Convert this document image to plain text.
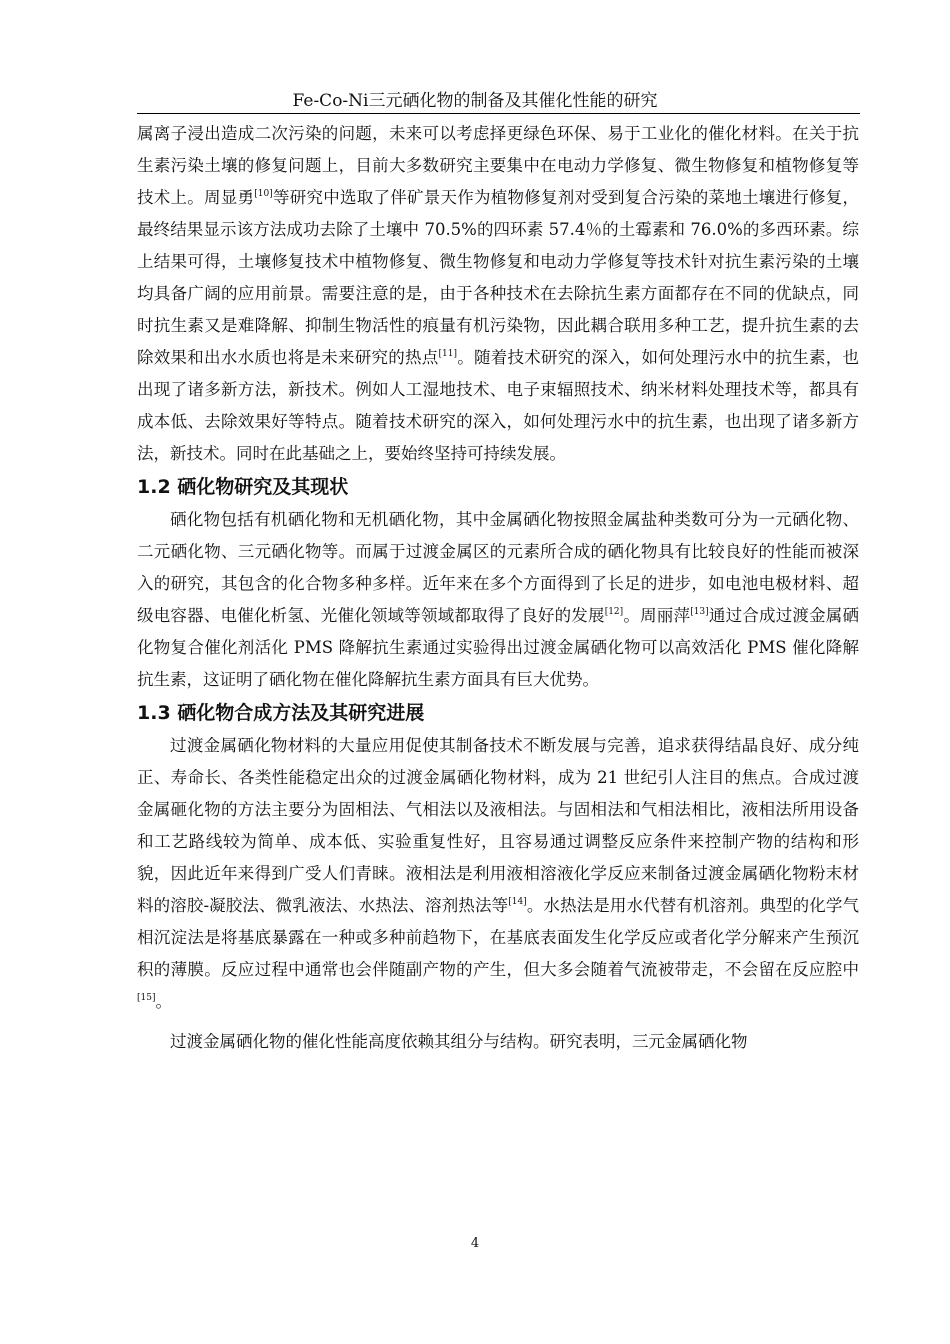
Fe-Co-Ni三元硒化物的制备及其催化性能的研究

属离子浸出造成二次污染的问题，未来可以考虑择更绿色环保、易于工业化的催化材料。在关于抗生素污染土壤的修复问题上，目前大多数研究主要集中在电动力学修复、微生物修复和植物修复等技术上。周显勇[10]等研究中选取了伴矿景天作为植物修复剂对受到复合污染的菜地土壤进行修复，最终结果显示该方法成功去除了土壤中 70.5%的四环素 57.4％的土霉素和 76.0%的多西环素。综上结果可得，土壤修复技术中植物修复、微生物修复和电动力学修复等技术针对抗生素污染的土壤均具备广阔的应用前景。需要注意的是，由于各种技术在去除抗生素方面都存在不同的优缺点，同时抗生素又是难降解、抑制生物活性的痕量有机污染物，因此耦合联用多种工艺，提升抗生素的去除效果和出水水质也将是未来研究的热点[11]。随着技术研究的深入，如何处理污水中的抗生素，也出现了诸多新方法，新技术。例如人工湿地技术、电子束辐照技术、纳米材料处理技术等，都具有成本低、去除效果好等特点。随着技术研究的深入，如何处理污水中的抗生素，也出现了诸多新方法，新技术。同时在此基础之上，要始终坚持可持续发展。

1.2 硒化物研究及其现状

硒化物包括有机硒化物和无机硒化物，其中金属硒化物按照金属盐种类数可分为一元硒化物、二元硒化物、三元硒化物等。而属于过渡金属区的元素所合成的硒化物具有比较良好的性能而被深入的研究，其包含的化合物多种多样。近年来在多个方面得到了长足的进步，如电池电极材料、超级电容器、电催化析氢、光催化领域等领域都取得了良好的发展[12]。周丽萍[13]通过合成过渡金属硒化物复合催化剂活化 PMS 降解抗生素通过实验得出过渡金属硒化物可以高效活化 PMS 催化降解抗生素，这证明了硒化物在催化降解抗生素方面具有巨大优势。

1.3 硒化物合成方法及其研究进展

过渡金属硒化物材料的大量应用促使其制备技术不断发展与完善，追求获得结晶良好、成分纯正、寿命长、各类性能稳定出众的过渡金属硒化物材料，成为 21 世纪引人注目的焦点。合成过渡金属砸化物的方法主要分为固相法、气相法以及液相法。与固相法和气相法相比，液相法所用设备和工艺路线较为简单、成本低、实验重复性好，且容易通过调整反应条件来控制产物的结构和形貌，因此近年来得到广受人们青睐。液相法是利用液相溶液化学反应来制备过渡金属硒化物粉末材料的溶胶-凝胶法、微乳液法、水热法、溶剂热法等[14]。水热法是用水代替有机溶剂。典型的化学气相沉淀法是将基底暴露在一种或多种前趋物下，在基底表面发生化学反应或者化学分解来产生预沉积的薄膜。反应过程中通常也会伴随副产物的产生，但大多会随着气流被带走，不会留在反应腔中[15]。

过渡金属硒化物的催化性能高度依赖其组分与结构。研究表明，三元金属硒化物

4
